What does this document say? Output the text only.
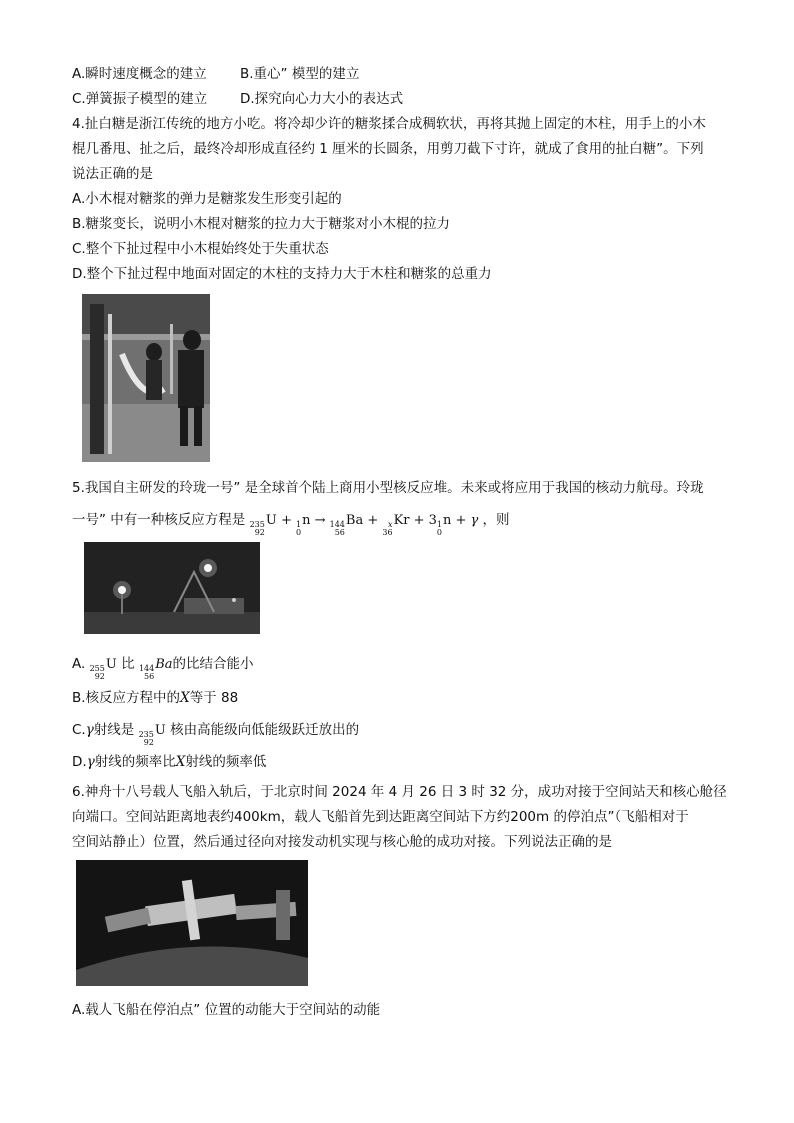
A.瞬时速度概念的建立 B.重心” 模型的建立
C.弹簧振子模型的建立 D.探究向心力大小的表达式
4.扯白糖是浙江传统的地方小吃。将冷却少许的糖浆揉合成稠软状，再将其抛上固定的木柱，用手上的小木
棍几番甩、扯之后，最终冷却形成直径约 1 厘米的长圆条，用剪刀截下寸许，就成了食用的扯白糖”。下列
说法正确的是
A.小木棍对糖浆的弹力是糖浆发生形变引起的
B.糖浆变长，说明小木棍对糖浆的拉力大于糖浆对小木棍的拉力
C.整个下扯过程中小木棍始终处于失重状态
D.整个下扯过程中地面对固定的木柱的支持力大于木柱和糖浆的总重力
5.我国自主研发的玲珑一号” 是全球首个陆上商用小型核反应堆。未来或将应用于我国的核动力航母。玲珑
一号” 中有一种核反应方程是 235
92
U + 1
0
n → 144
56
Ba + x
36
Kr + 3 1
0
n + γ ，则
A. 255
92
U 比 144
56
Ba的比结合能小
B.核反应方程中的X等于 88
C.γ射线是 235
92
U 核由高能级向低能级跃迁放出的
D.γ射线的频率比X射线的频率低
6.神舟十八号载人飞船入轨后，于北京时间 2024 年 4 月 26 日 3 时 32 分，成功对接于空间站天和核心舱径
向端口。空间站距离地表约400km，载人飞船首先到达距离空间站下方约200m 的停泊点”（飞船相对于
空间站静止）位置，然后通过径向对接发动机实现与核心舱的成功对接。下列说法正确的是
A.载人飞船在停泊点” 位置的动能大于空间站的动能
